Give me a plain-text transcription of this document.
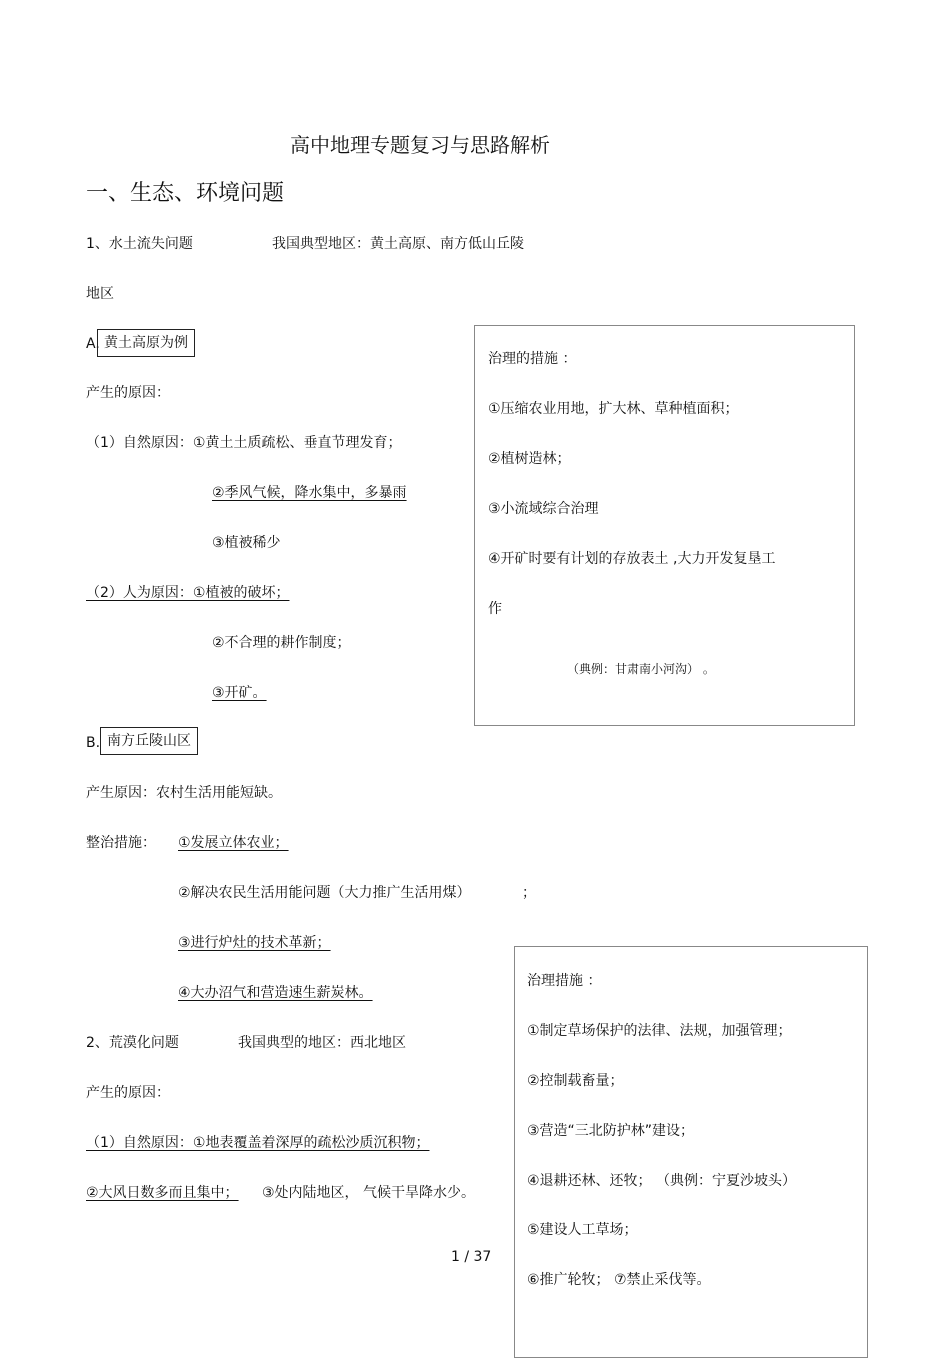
高中地理专题复习与思路解析
一、生态、环境问题
1、水土流失问题	我国典型地区：黄土高原、南方低山丘陵
地区
A. 黄土高原为例
产生的原因：
（1）自然原因：①黄土土质疏松、垂直节理发育；
②季风气候，降水集中，多暴雨
③植被稀少
（2）人为原因：①植被的破坏；
②不合理的耕作制度；
③开矿。
治理的措施 ：
①压缩农业用地，扩大林、草种植面积；
②植树造林；
③小流域综合治理
④开矿时要有计划的存放表土 ,大力开发复垦工
作
（典例：甘肃南小河沟） 。
B. 南方丘陵山区
产生原因：农村生活用能短缺。
整治措施： ①发展立体农业；
②解决农民生活用能问题（大力推广生活用煤）	；
③进行炉灶的技术革新；
④大办沼气和营造速生薪炭林。
2、荒漠化问题	我国典型的地区：西北地区
产生的原因：
（1）自然原因：①地表覆盖着深厚的疏松沙质沉积物；
②大风日数多而且集中； ③处内陆地区， 气候干旱降水少。
治理措施 ：
①制定草场保护的法律、法规，加强管理；
②控制载畜量；
③营造“三北防护林”建设；
④退耕还林、还牧； （典例：宁夏沙坡头）
⑤建设人工草场；
⑥推广轮牧； ⑦禁止采伐等。
1 / 37
